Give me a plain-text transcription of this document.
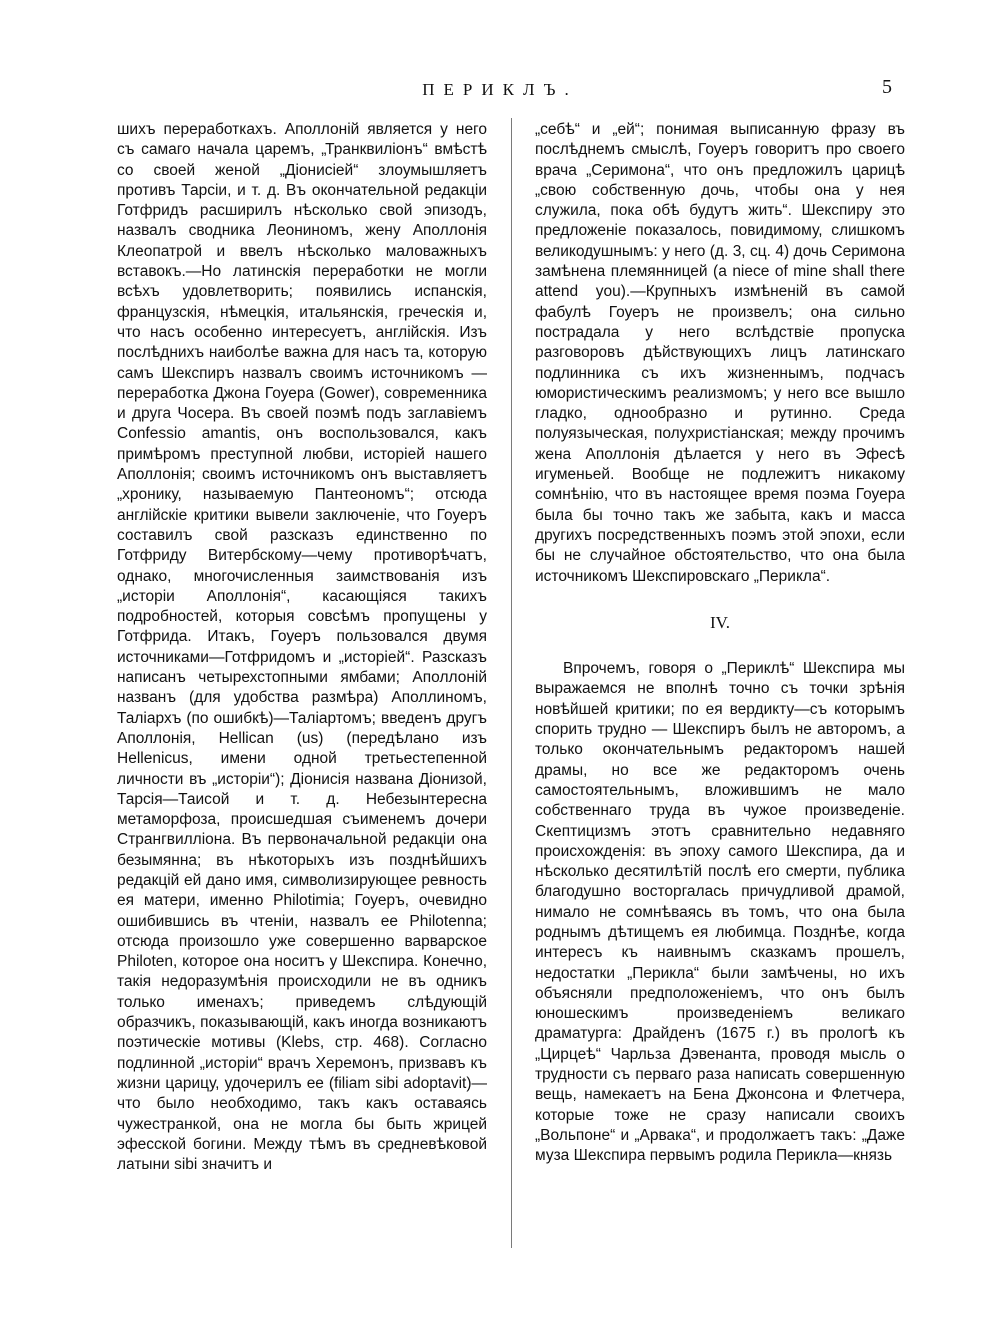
ПЕРИКЛЪ.	5

шихъ переработкахъ. Аполлоній является у него съ самаго начала царемъ, „Транквиліонъ“ вмѣстѣ со своей женой „Діонисіей“ злоумышляетъ противъ Тарсіи, и т. д. Въ окончательной редакціи Готфридъ расширилъ нѣсколько свой эпизодъ, назвалъ сводника Леониномъ, жену Аполлонія Клеопатрой и ввелъ нѣсколько маловажныхъ вставокъ.—Но латинскія переработки не могли всѣхъ удовлетворить; появились испанскія, французскія, нѣмецкія, итальянскія, греческія и, что насъ особенно интересуетъ, англійскія. Изъ послѣднихъ наиболѣе важна для насъ та, которую самъ Шекспиръ назвалъ своимъ источникомъ — переработка Джона Гоуера (Gower), современника и друга Чосера. Въ своей поэмѣ подъ заглавіемъ Confessio amantis, онъ воспользовался, какъ примѣромъ преступной любви, исторіей нашего Аполлонія; своимъ источникомъ онъ выставляетъ „хронику, называемую Пантеономъ“; отсюда англійскіе критики вывели заключеніе, что Гоуеръ составилъ свой разсказъ единственно по Готфриду Витербскому—чему противорѣчатъ, однако, многочисленныя заимствованія изъ „исторіи Аполлонія“, касающіяся такихъ подробностей, которыя совсѣмъ пропущены у Готфрида. Итакъ, Гоуеръ пользовался двумя источниками—Готфридомъ и „исторіей“. Разсказъ написанъ четырехстопными ямбами; Аполлоній названъ (для удобства размѣра) Аполлиномъ, Таліархъ (по ошибкѣ)—Таліартомъ; введенъ другъ Аполлонія, Hellican (us) (передѣлано изъ Hellenicus, имени одной третьестепенной личности въ „исторіи“); Діонисія названа Діонизой, Тарсія—Таисой и т. д. Небезынтересна метаморфоза, происшедшая съименемъ дочери Странгвилліона. Въ первоначальной редакціи она безымянна; въ нѣкоторыхъ изъ позднѣйшихъ редакцій ей дано имя, символизирующее ревность ея матери, именно Philotimia; Гоуеръ, очевидно ошибившись въ чтеніи, назвалъ ее Philotenna; отсюда произошло уже совершенно варварское Philoten, которое она носитъ у Шекспира. Конечно, такія недоразумѣнія происходили не въ одникъ только именахъ; приведемъ слѣдующій образчикъ, показывающій, какъ иногда возникаютъ поэтическіе мотивы (Klebs, стр. 468). Согласно подлинной „исторіи“ врачъ Херемонъ, призвавъ къ жизни царицу, удочерилъ ее (filiam sibi adoptavit)—что было необходимо, такъ какъ оставаясь чужестранкой, она не могла бы быть жрицей эфесской богини. Между тѣмъ въ средневѣковой латыни sibi значитъ и

„себѣ“ и „ей“; понимая выписанную фразу въ послѣднемъ смыслѣ, Гоуеръ говоритъ про своего врача „Серимона“, что онъ предложилъ царицѣ „свою собственную дочь, чтобы она у нея служила, пока обѣ будутъ жить“. Шекспиру это предложеніе показалось, повидимому, слишкомъ великодушнымъ: у него (д. 3, сц. 4) дочь Серимона замѣнена племянницей (a niece of mine shall there attend you).—Крупныхъ измѣненій въ самой фабулѣ Гоуеръ не произвелъ; она сильно пострадала у него вслѣдствіе пропуска разговоровъ дѣйствующихъ лицъ латинскаго подлинника съ ихъ жизненнымъ, подчасъ юмористическимъ реализмомъ; у него все вышло гладко, однообразно и рутинно. Среда полуязыческая, полухристіанская; между прочимъ жена Аполлонія дѣлается у него въ Эфесѣ игуменьей. Вообще не подлежитъ никакому сомнѣнію, что въ настоящее время поэма Гоуера была бы точно такъ же забыта, какъ и масса другихъ посредственныхъ поэмъ этой эпохи, если бы не случайное обстоятельство, что она была источникомъ Шекспировскаго „Перикла“.

IV.

Впрочемъ, говоря о „Периклѣ“ Шекспира мы выражаемся не вполнѣ точно съ точки зрѣнія новѣйшей критики; по ея вердикту—съ которымъ спорить трудно — Шекспиръ былъ не авторомъ, а только окончательнымъ редакторомъ нашей драмы, но все же редакторомъ очень самостоятельнымъ, вложившимъ не мало собственнаго труда въ чужое произведеніе. Скептицизмъ этотъ сравнительно недавняго происхожденія: въ эпоху самого Шекспира, да и нѣсколько десятилѣтій послѣ его смерти, публика благодушно восторгалась причудливой драмой, нимало не сомнѣваясь въ томъ, что она была роднымъ дѣтищемъ ея любимца. Позднѣе, когда интересъ къ наивнымъ сказкамъ прошелъ, недостатки „Перикла“ были замѣчены, но ихъ объясняли предположеніемъ, что онъ былъ юношескимъ произведеніемъ великаго драматурга: Драйденъ (1675 г.) въ прологѣ къ „Цирцеѣ“ Чарльза Дэвенанта, проводя мысль о трудности съ перваго раза написать совершенную вещь, намекаетъ на Бена Джонсона и Флетчера, которые тоже не сразу написали своихъ „Вольпоне“ и „Арвака“, и продолжаетъ такъ: „Даже муза Шекспира первымъ родила Перикла—князь
